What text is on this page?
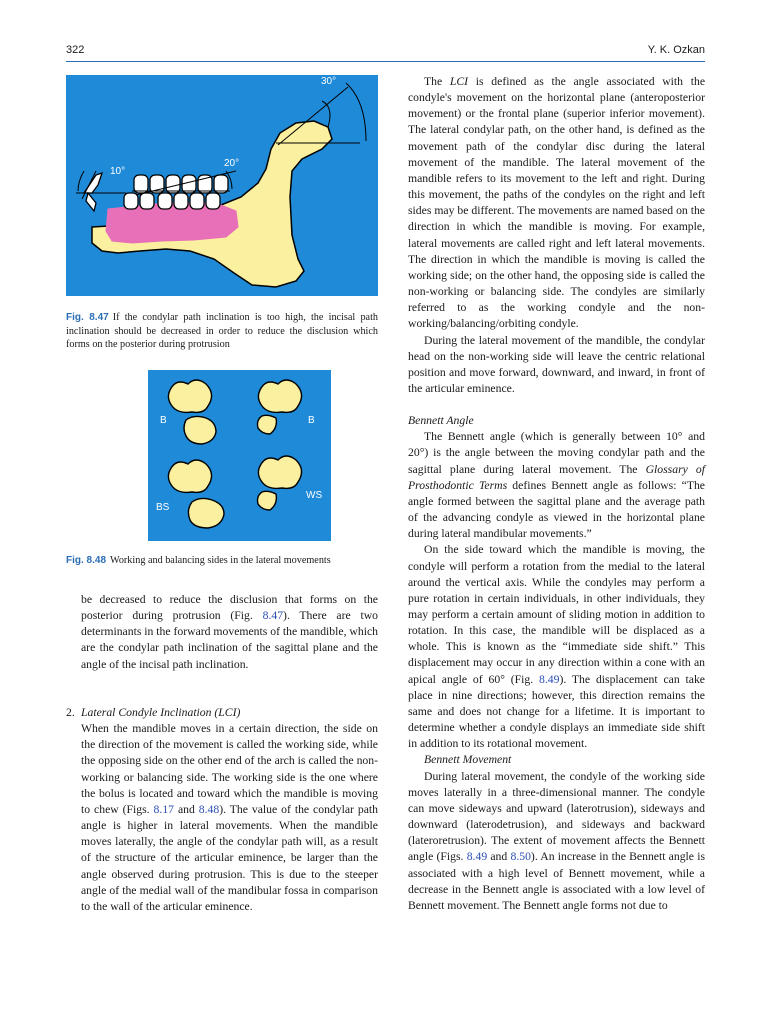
322	Y. K. Ozkan
30°
20°
10°
Fig. 8.47 If the condylar path inclination is too high, the incisal path inclination should be decreased in order to reduce the disclusion which forms on the posterior during protrusion
B	B
BS
WS
Fig. 8.48 Working and balancing sides in the lateral movements

be decreased to reduce the disclusion that forms on the posterior during protrusion (Fig. 8.47). There are two determinants in the forward movements of the mandible, which are the condylar path inclination of the sagittal plane and the angle of the incisal path inclination.

2. Lateral Condyle Inclination (LCI)

When the mandible moves in a certain direction, the side on the direction of the movement is called the working side, while the opposing side on the other end of the arch is called the non-working or balancing side. The working side is the one where the bolus is located and toward which the mandible is moving to chew (Figs. 8.17 and 8.48). The value of the condylar path angle is higher in lateral movements. When the mandible moves laterally, the angle of the condylar path will, as a result of the structure of the articular eminence, be larger than the angle observed during protrusion. This is due to the steeper angle of the medial wall of the mandibular fossa in comparison to the wall of the articular eminence.

The LCI is defined as the angle associated with the condyle's movement on the horizontal plane (anteroposterior movement) or the frontal plane (superior inferior movement). The lateral condylar path, on the other hand, is defined as the movement path of the condylar disc during the lateral movement of the mandible. The lateral movement of the mandible refers to its movement to the left and right. During this movement, the paths of the condyles on the right and left sides may be different. The movements are named based on the direction in which the mandible is moving. For example, lateral movements are called right and left lateral movements. The direction in which the mandible is moving is called the working side; on the other hand, the opposing side is called the non-working or balancing side. The condyles are similarly referred to as the working condyle and the non-working/balancing/orbiting condyle.

During the lateral movement of the mandible, the condylar head on the non-working side will leave the centric relational position and move forward, downward, and inward, in front of the articular eminence.

Bennett Angle

The Bennett angle (which is generally between 10° and 20°) is the angle between the moving condylar path and the sagittal plane during lateral movement. The Glossary of Prosthodontic Terms defines Bennett angle as follows: “The angle formed between the sagittal plane and the average path of the advancing condyle as viewed in the horizontal plane during lateral mandibular movements.”

On the side toward which the mandible is moving, the condyle will perform a rotation from the medial to the lateral around the vertical axis. While the condyles may perform a pure rotation in certain individuals, in other individuals, they may perform a certain amount of sliding motion in addition to rotation. In this case, the mandible will be displaced as a whole. This is known as the “immediate side shift.” This displacement may occur in any direction within a cone with an apical angle of 60° (Fig. 8.49). The displacement can take place in nine directions; however, this direction remains the same and does not change for a lifetime. It is important to determine whether a condyle displays an immediate side shift in addition to its rotational movement.

Bennett Movement

During lateral movement, the condyle of the working side moves laterally in a three-dimensional manner. The condyle can move sideways and upward (laterotrusion), sideways and downward (laterodetrusion), and sideways and backward (lateroretrusion). The extent of movement affects the Bennett angle (Figs. 8.49 and 8.50). An increase in the Bennett angle is associated with a high level of Bennett movement, while a decrease in the Bennett angle is associated with a low level of Bennett movement. The Bennett angle forms not due to
